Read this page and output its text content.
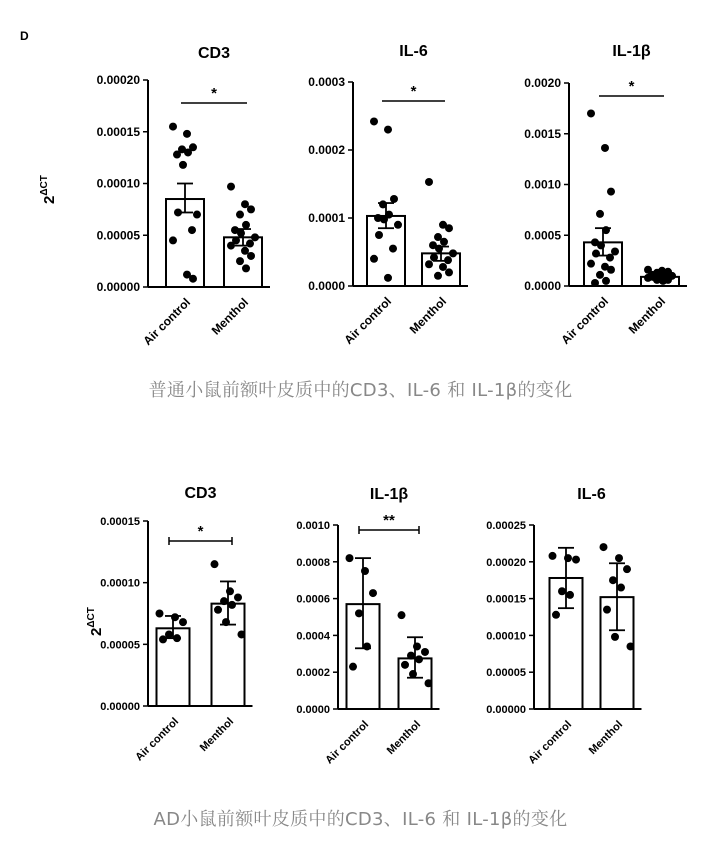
D
$2^{\Delta CT}$
$2^{\Delta CT}$
CD3
0.00000
0.00005
0.00010
0.00015
0.00020
Air control Menthol
*
IL-6
0.0000
0.0001
0.0002
0.0003
Air control Menthol
*
IL-1β
0.0000
0.0005
0.0010
0.0015
0.0020
Air control Menthol
*
CD3
0.00000
0.00005
0.00010
0.00015
Air control Menthol
*
IL-1β
0.0000
0.0002
0.0004
0.0006
0.0008
0.0010
Air control Menthol
**
IL-6
0.00000
0.00005
0.00010
0.00015
0.00020
0.00025
Air control Menthol
普通小鼠前额叶皮质中的CD3、IL-6 和 IL-1β的变化
AD小鼠前额叶皮质中的CD3、IL-6 和 IL-1β的变化
